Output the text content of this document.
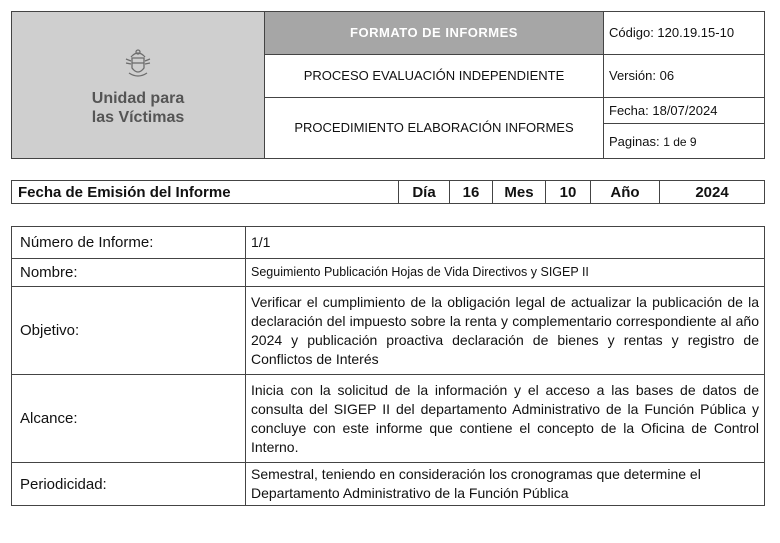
Unidad para
las Víctimas	FORMATO DE INFORMES	Código: 120.19.15-10
	PROCESO EVALUACIÓN INDEPENDIENTE	Versión: 06
	PROCEDIMIENTO ELABORACIÓN INFORMES	Fecha: 18/07/2024
		Paginas: 1 de 9
Fecha de Emisión del Informe	Día	16	Mes	10	Año	2024
Número de Informe:	1/1
Nombre:	Seguimiento Publicación Hojas de Vida Directivos y SIGEP II
Objetivo:	Verificar el cumplimiento de la obligación legal de actualizar la publicación de la declaración del impuesto sobre la renta y complementario correspondiente al año 2024 y publicación proactiva declaración de bienes y rentas y registro de Conflictos de Interés
Alcance:	Inicia con la solicitud de la información y el acceso a las bases de datos de consulta del SIGEP II del departamento Administrativo de la Función Pública y concluye con este informe que contiene el concepto de la Oficina de Control Interno.
Periodicidad:	Semestral, teniendo en consideración los cronogramas que determine el Departamento Administrativo de la Función Pública
